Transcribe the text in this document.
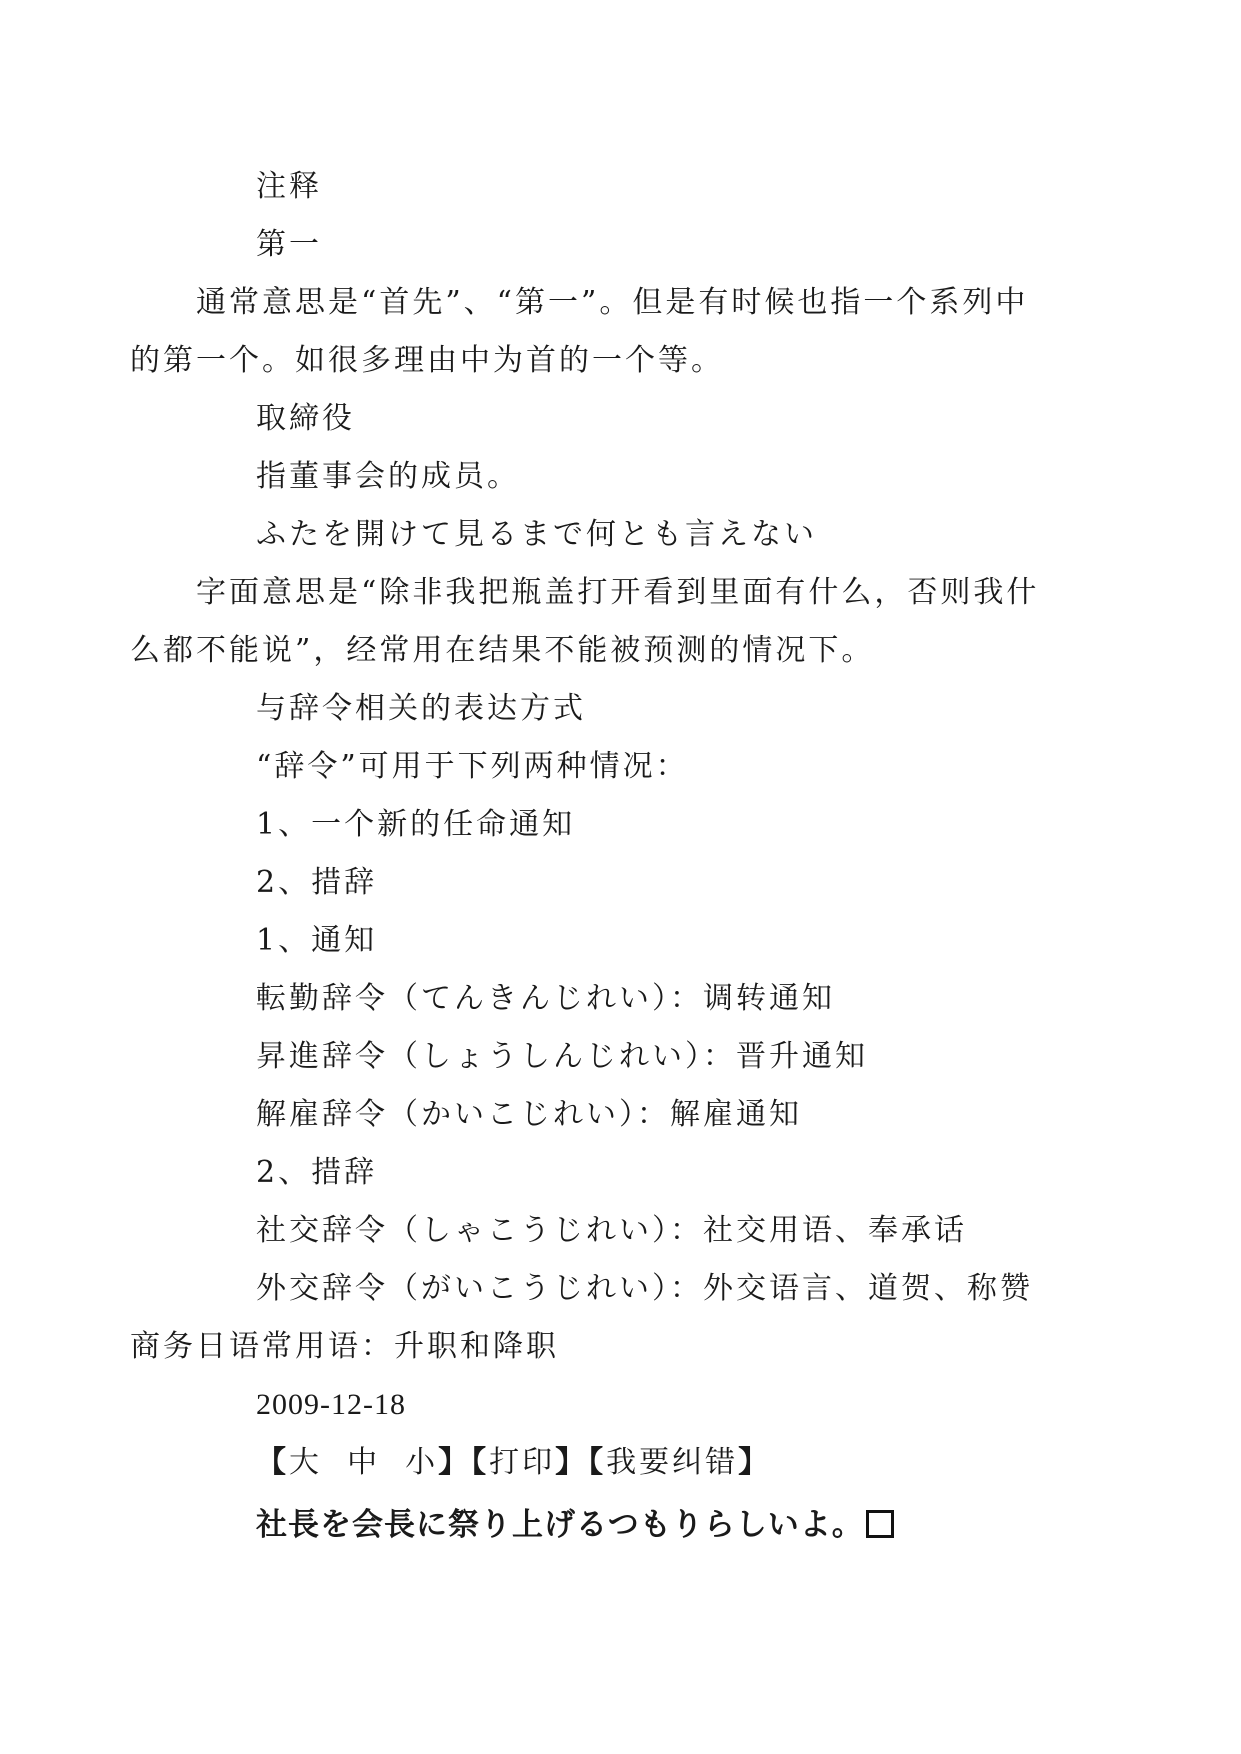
注释

第一

通常意思是“首先”、“第一”。但是有时候也指一个系列中的第一个。如很多理由中为首的一个等。

取締役

指董事会的成员。

ふたを開けて見るまで何とも言えない

字面意思是“除非我把瓶盖打开看到里面有什么，否则我什么都不能说”，经常用在结果不能被预测的情况下。

与辞令相关的表达方式

“辞令”可用于下列两种情况：

1、一个新的任命通知

2、措辞

1、通知

転勤辞令（てんきんじれい）：调转通知

昇進辞令（しょうしんじれい）：晋升通知

解雇辞令（かいこじれい）：解雇通知

2、措辞

社交辞令（しゃこうじれい）：社交用语、奉承话

外交辞令（がいこうじれい）：外交语言、道贺、称赞

商务日语常用语：升职和降职

2009-12-18

【大 中 小】【打印】【我要纠错】

社長を会長に祭り上げるつもりらしいよ。
